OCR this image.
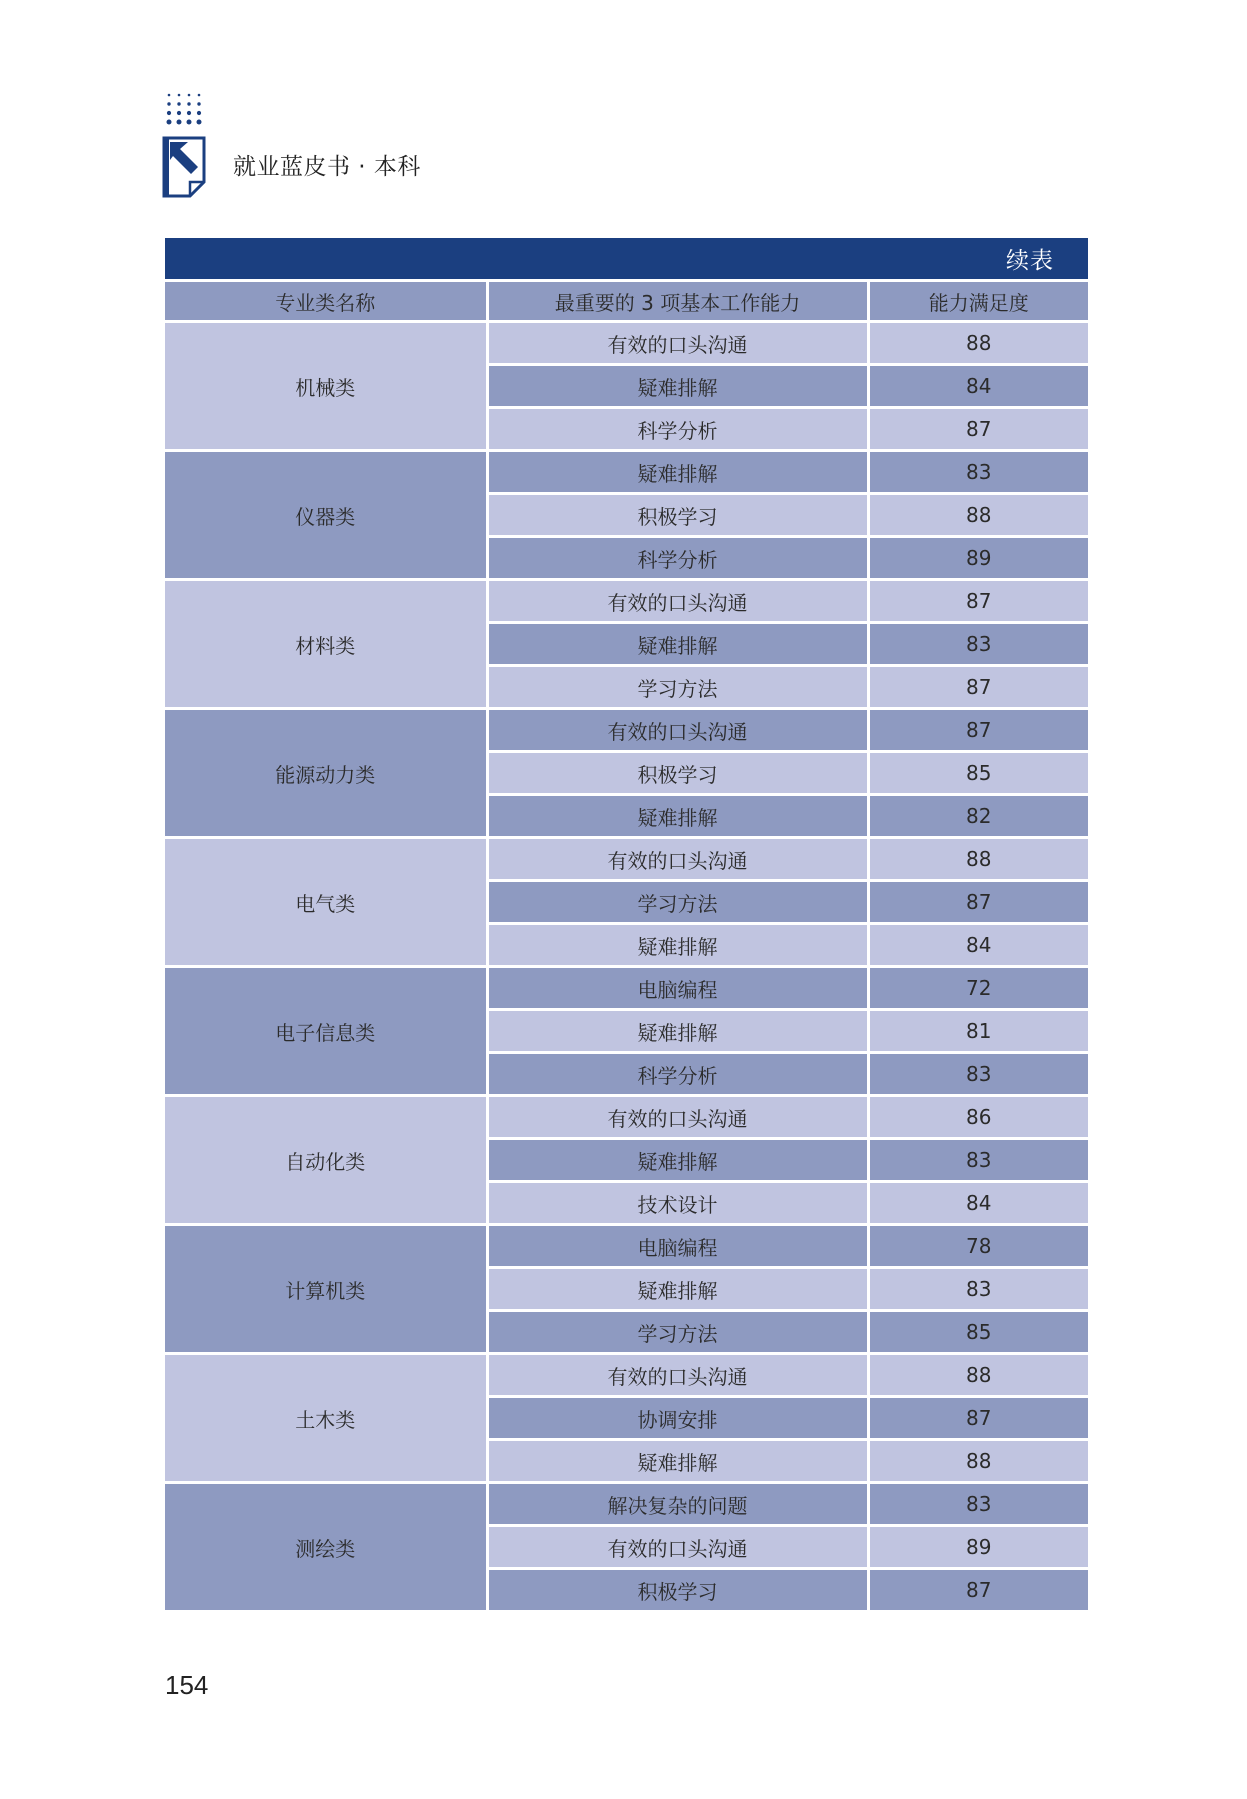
就业蓝皮书 · 本科
续表
专业类名称	最重要的 3 项基本工作能力	能力满足度
机械类	有效的口头沟通	88
	疑难排解	84
	科学分析	87
仪器类	疑难排解	83
	积极学习	88
	科学分析	89
材料类	有效的口头沟通	87
	疑难排解	83
	学习方法	87
能源动力类	有效的口头沟通	87
	积极学习	85
	疑难排解	82
电气类	有效的口头沟通	88
	学习方法	87
	疑难排解	84
电子信息类	电脑编程	72
	疑难排解	81
	科学分析	83
自动化类	有效的口头沟通	86
	疑难排解	83
	技术设计	84
计算机类	电脑编程	78
	疑难排解	83
	学习方法	85
土木类	有效的口头沟通	88
	协调安排	87
	疑难排解	88
测绘类	解决复杂的问题	83
	有效的口头沟通	89
	积极学习	87
154
